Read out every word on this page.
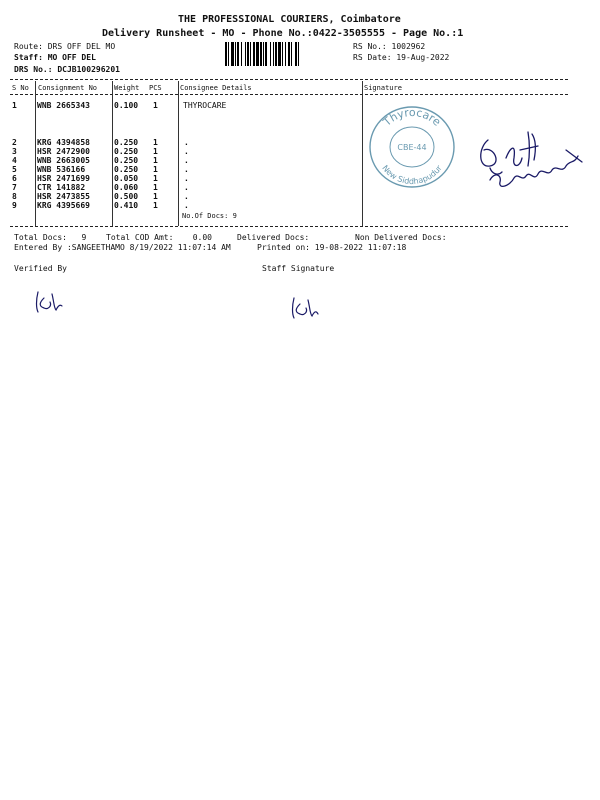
THE PROFESSIONAL COURIERS, Coimbatore
Delivery Runsheet - MO - Phone No.:0422-3505555 - Page No.:1
Route: DRS OFF DEL MO
Staff: MO OFF DEL
DRS No.: DCJB100296201
RS No.: 1002962
RS Date: 19-Aug-2022
S No Consignment No Weight PCS	Consignee Details	Signature
1	WNB 2665343	0.100 1	THYROCARE
2	KRG 4394858	0.250 1	.
3	HSR 2472900	0.250 1	.
4	WNB 2663005	0.250 1	.
5	WNB 536166	0.250 1	.
6	HSR 2471699	0.050 1	.
7	CTR 141882	0.060 1	.
8	HSR 2473855	0.500 1	.
9	KRG 4395669	0.410 1	.
No.Of Docs: 9
Thyrocare
New Siddhapudur
CBE-44
Total Docs: 9 Total COD Amt: 0.00	Delivered Docs:	Non Delivered Docs:
Entered By :SANGEETHAMO 8/19/2022 11:07:14 AM	Printed on: 19-08-2022 11:07:18
Verified By	Staff Signature
